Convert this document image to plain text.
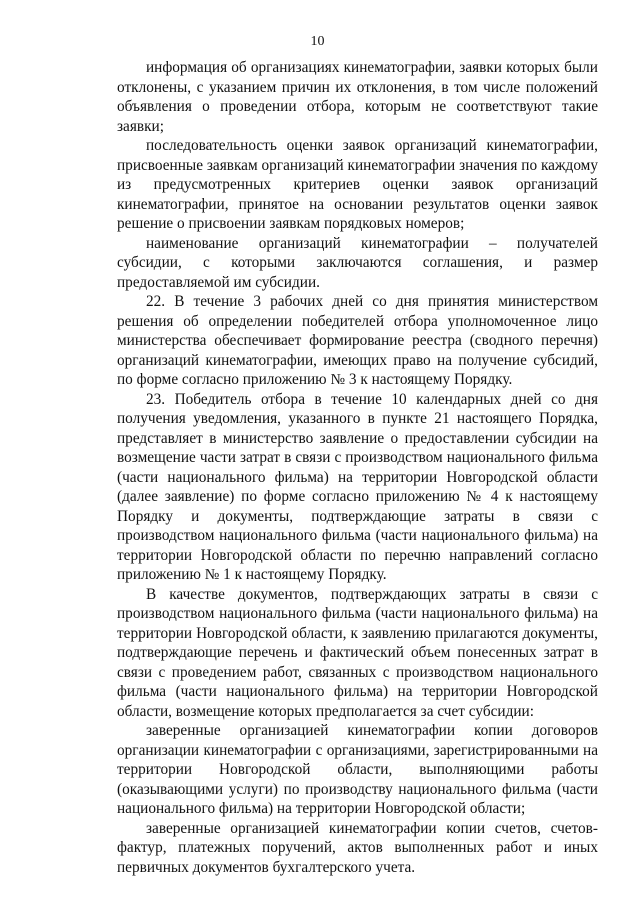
10

информация об организациях кинематографии, заявки которых были отклонены, с указанием причин их отклонения, в том числе положений объявления о проведении отбора, которым не соответствуют такие заявки;

последовательность оценки заявок организаций кинематографии, присвоенные заявкам организаций кинематографии значения по каждому из предусмотренных критериев оценки заявок организаций кинематографии, принятое на основании результатов оценки заявок решение о присвоении заявкам порядковых номеров;

наименование организаций кинематографии – получателей субсидии, с которыми заключаются соглашения, и размер предоставляемой им субсидии.

22. В течение 3 рабочих дней со дня принятия министерством решения об определении победителей отбора уполномоченное лицо министерства обеспечивает формирование реестра (сводного перечня) организаций кинематографии, имеющих право на получение субсидий, по форме согласно приложению № 3 к настоящему Порядку.

23. Победитель отбора в течение 10 календарных дней со дня получения уведомления, указанного в пункте 21 настоящего Порядка, представляет в министерство заявление о предоставлении субсидии на возмещение части затрат в связи с производством национального фильма (части национального фильма) на территории Новгородской области (далее заявление) по форме согласно приложению № 4 к настоящему Порядку и документы, подтверждающие затраты в связи с производством национального фильма (части национального фильма) на территории Новгородской области по перечню направлений согласно приложению № 1 к настоящему Порядку.

В качестве документов, подтверждающих затраты в связи с производством национального фильма (части национального фильма) на территории Новгородской области, к заявлению прилагаются документы, подтверждающие перечень и фактический объем понесенных затрат в связи с проведением работ, связанных с производством национального фильма (части национального фильма) на территории Новгородской области, возмещение которых предполагается за счет субсидии:

заверенные организацией кинематографии копии договоров организации кинематографии с организациями, зарегистрированными на территории Новгородской области, выполняющими работы (оказывающими услуги) по производству национального фильма (части национального фильма) на территории Новгородской области;

заверенные организацией кинематографии копии счетов, счетов-фактур, платежных поручений, актов выполненных работ и иных первичных документов бухгалтерского учета.
